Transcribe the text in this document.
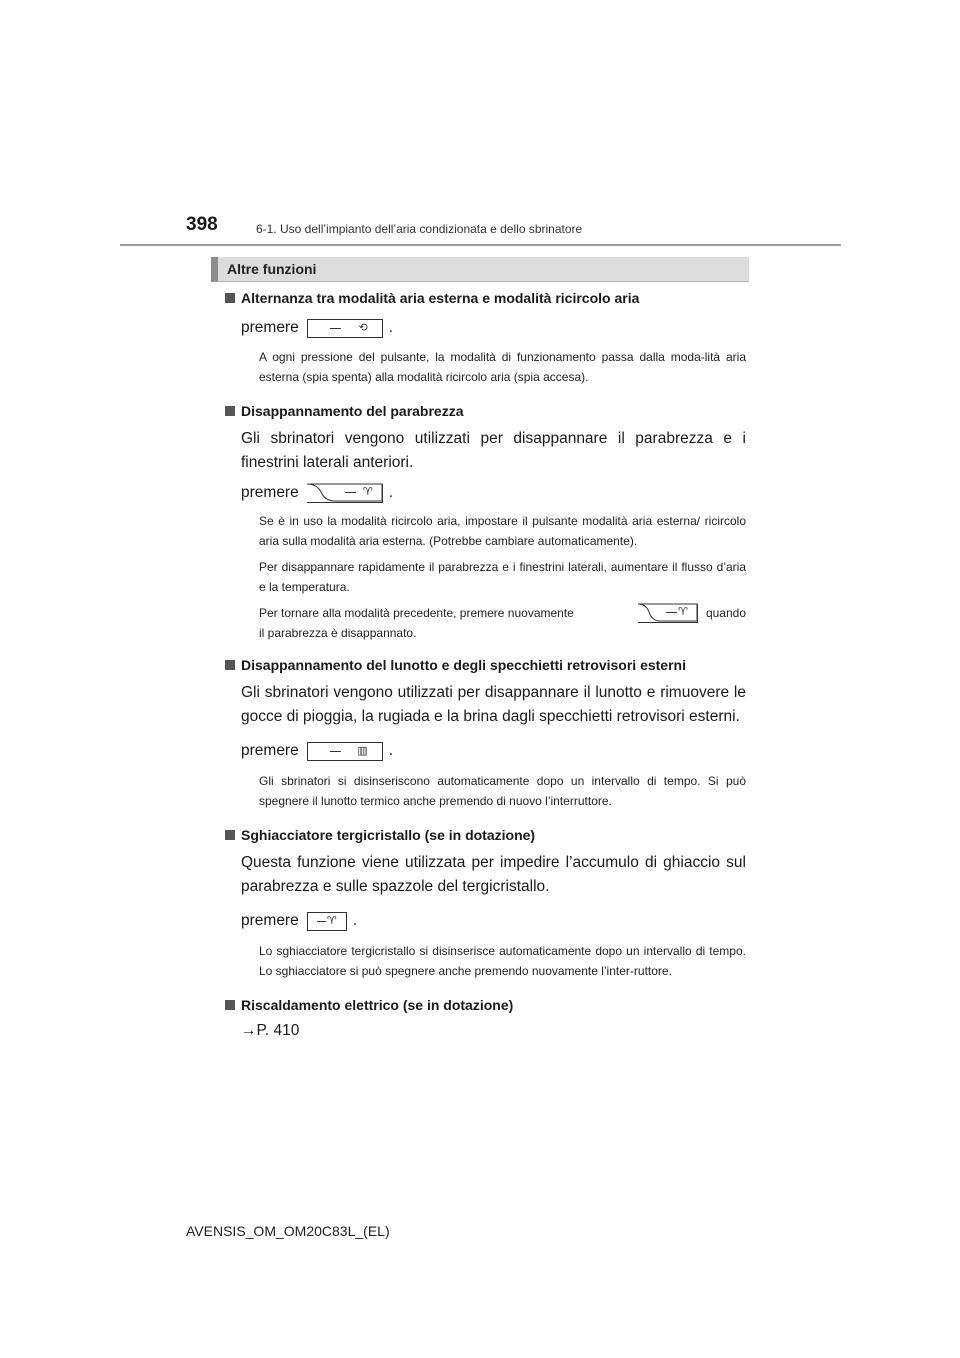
398	6-1. Uso dell’impianto dell’aria condizionata e dello sbrinatore
Altre funzioni
Alternanza tra modalità aria esterna e modalità ricircolo aria
premere	⟲ .
A ogni pressione del pulsante, la modalità di funzionamento passa dalla moda-lità aria esterna (spia spenta) alla modalità ricircolo aria (spia accesa).
Disappannamento del parabrezza
Gli sbrinatori vengono utilizzati per disappannare il parabrezza e i finestrini laterali anteriori.
premere	♈ .
Se è in uso la modalità ricircolo aria, impostare il pulsante modalità aria esterna/ ricircolo aria sulla modalità aria esterna. (Potrebbe cambiare automaticamente).
Per disappannare rapidamente il parabrezza e i finestrini laterali, aumentare il flusso d’aria e la temperatura.
Per tornare alla modalità precedente, premere nuovamente	♈ quando
il parabrezza è disappannato.
Disappannamento del lunotto e degli specchietti retrovisori esterni
Gli sbrinatori vengono utilizzati per disappannare il lunotto e rimuovere le gocce di pioggia, la rugiada e la brina dagli specchietti retrovisori esterni.
premere	▥ .
Gli sbrinatori si disinseriscono automaticamente dopo un intervallo di tempo. Si può spegnere il lunotto termico anche premendo di nuovo l’interruttore.
Sghiacciatore tergicristallo (se in dotazione)
Questa funzione viene utilizzata per impedire l’accumulo di ghiaccio sul parabrezza e sulle spazzole del tergicristallo.
premere	♈ .
Lo sghiacciatore tergicristallo si disinserisce automaticamente dopo un intervallo di tempo. Lo sghiacciatore si può spegnere anche premendo nuovamente l’inter-ruttore.
Riscaldamento elettrico (se in dotazione)
→P. 410
AVENSIS_OM_OM20C83L_(EL)
